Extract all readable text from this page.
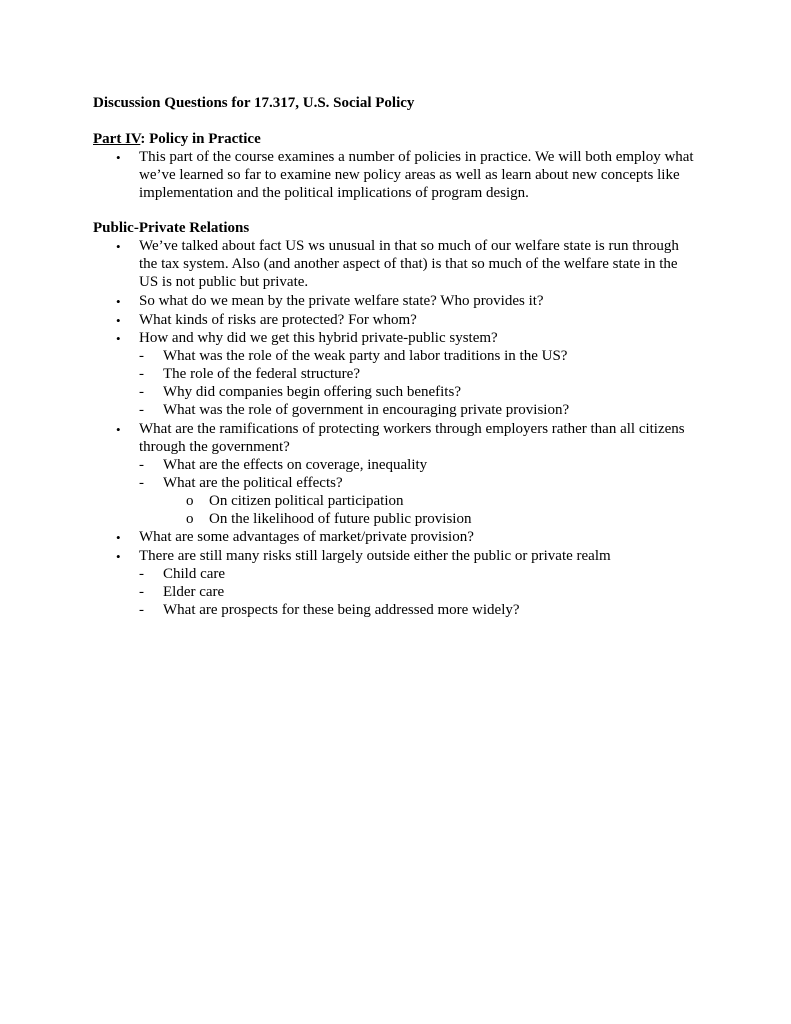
Discussion Questions for 17.317, U.S. Social Policy
Part IV: Policy in Practice
• This part of the course examines a number of policies in practice. We will both employ what we’ve learned so far to examine new policy areas as well as learn about new concepts like implementation and the political implications of program design.
Public-Private Relations
• We’ve talked about fact US ws unusual in that so much of our welfare state is run through the tax system. Also (and another aspect of that) is that so much of the welfare state in the US is not public but private.
• So what do we mean by the private welfare state? Who provides it?
• What kinds of risks are protected? For whom?
• How and why did we get this hybrid private-public system?
- What was the role of the weak party and labor traditions in the US?
- The role of the federal structure?
- Why did companies begin offering such benefits?
- What was the role of government in encouraging private provision?
• What are the ramifications of protecting workers through employers rather than all citizens through the government?
- What are the effects on coverage, inequality
- What are the political effects?
o On citizen political participation
o On the likelihood of future public provision
• What are some advantages of market/private provision?
• There are still many risks still largely outside either the public or private realm
- Child care
- Elder care
- What are prospects for these being addressed more widely?
